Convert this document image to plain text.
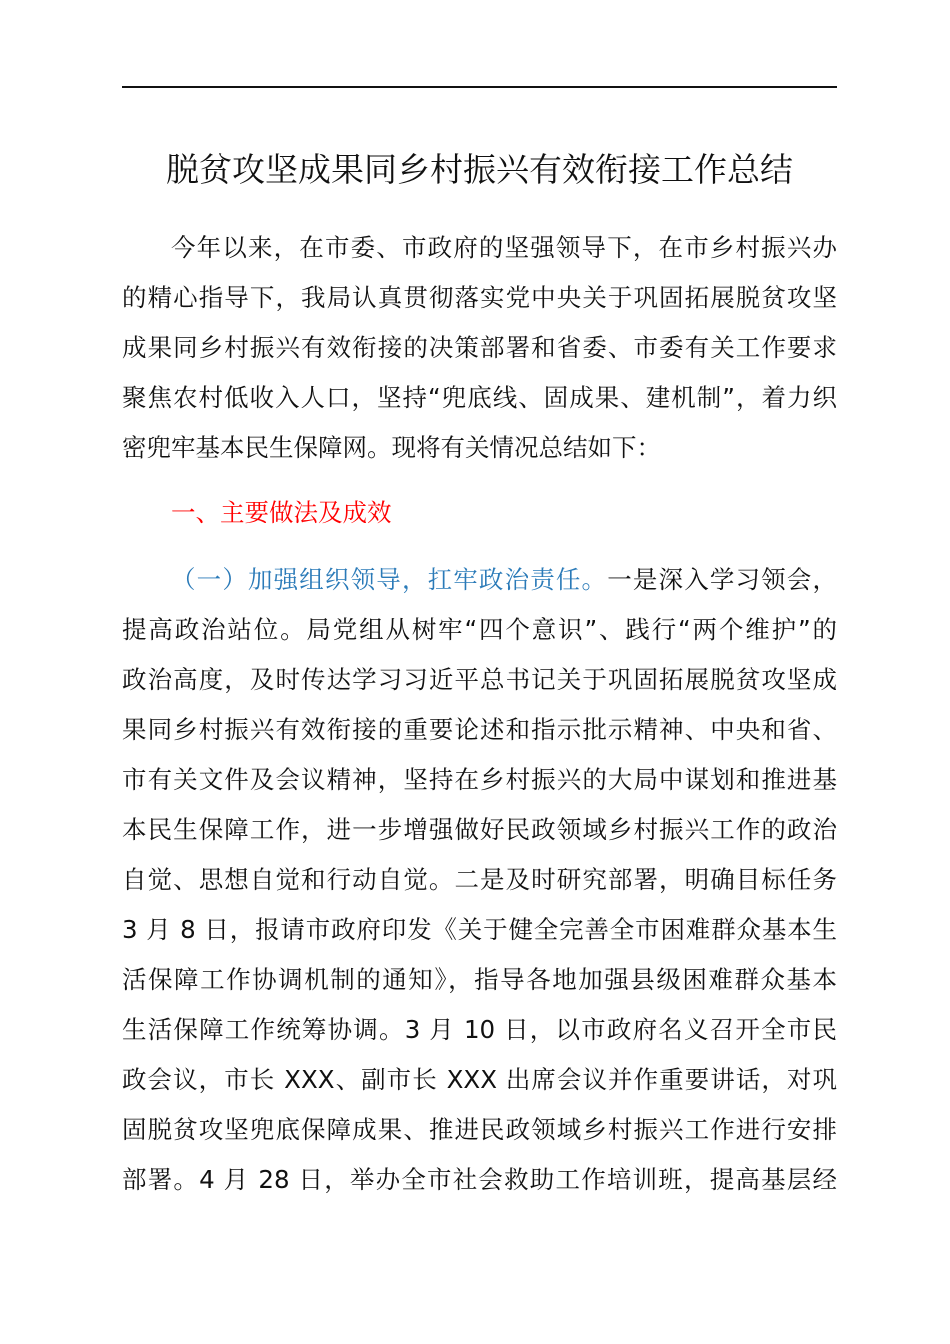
脱贫攻坚成果同乡村振兴有效衔接工作总结
今年以来，在市委、市政府的坚强领导下，在市乡村振兴办
的精心指导下，我局认真贯彻落实党中央关于巩固拓展脱贫攻坚
成果同乡村振兴有效衔接的决策部署和省委、市委有关工作要求
聚焦农村低收入人口，坚持“兜底线、固成果、建机制”，着力织
密兜牢基本民生保障网。现将有关情况总结如下：
一、主要做法及成效
（一）加强组织领导，扛牢政治责任。一是深入学习领会，
提高政治站位。局党组从树牢“四个意识”、践行“两个维护”的
政治高度，及时传达学习习近平总书记关于巩固拓展脱贫攻坚成
果同乡村振兴有效衔接的重要论述和指示批示精神、中央和省、
市有关文件及会议精神，坚持在乡村振兴的大局中谋划和推进基
本民生保障工作，进一步增强做好民政领域乡村振兴工作的政治
自觉、思想自觉和行动自觉。二是及时研究部署，明确目标任务
3 月 8 日，报请市政府印发《关于健全完善全市困难群众基本生
活保障工作协调机制的通知》，指导各地加强县级困难群众基本
生活保障工作统筹协调。3 月 10 日，以市政府名义召开全市民
政会议，市长 XXX、副市长 XXX 出席会议并作重要讲话，对巩
固脱贫攻坚兜底保障成果、推进民政领域乡村振兴工作进行安排
部署。4 月 28 日，举办全市社会救助工作培训班，提高基层经
